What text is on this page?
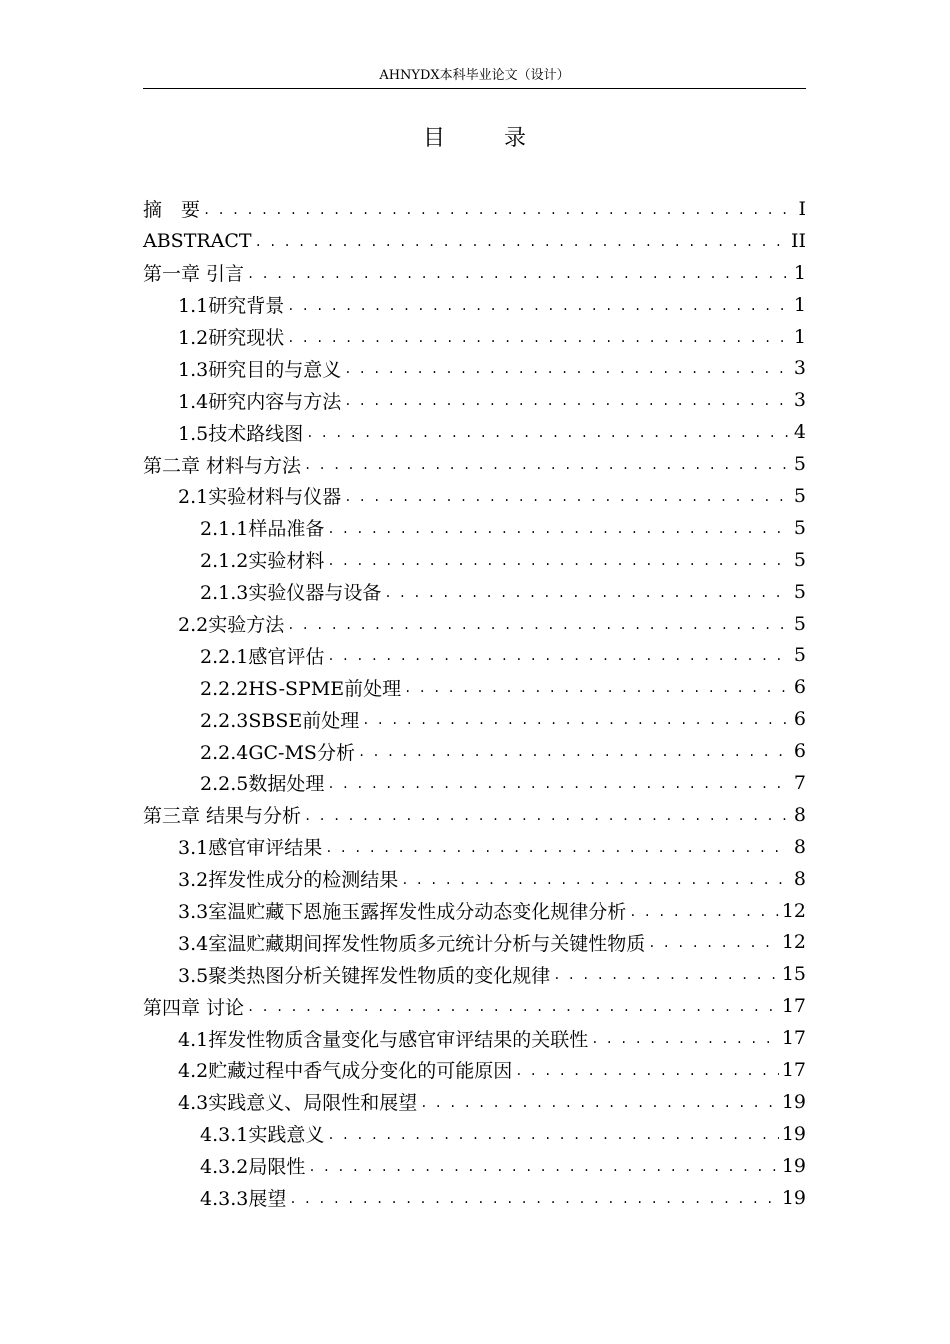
AHNYDX本科毕业论文（设计）
目 录
摘　要 . . .	I
ABSTRACT . . .	II
第一章 引言 . . .	1
1.1研究背景 . . .	1
1.2研究现状 . . .	1
1.3研究目的与意义 . . .	3
1.4研究内容与方法 . . .	3
1.5技术路线图 . . .	4
第二章 材料与方法 . . .	5
2.1实验材料与仪器 . . .	5
2.1.1样品准备 . . .	5
2.1.2实验材料 . . .	5
2.1.3实验仪器与设备 . . .	5
2.2实验方法 . . .	5
2.2.1感官评估 . . .	5
2.2.2HS-SPME前处理 . . .	6
2.2.3SBSE前处理 . . .	6
2.2.4GC-MS分析 . . .	6
2.2.5数据处理 . . .	7
第三章 结果与分析 . . .	8
3.1感官审评结果 . . .	8
3.2挥发性成分的检测结果 . . .	8
3.3室温贮藏下恩施玉露挥发性成分动态变化规律分析 . . .	12
3.4室温贮藏期间挥发性物质多元统计分析与关键性物质 . . .	12
3.5聚类热图分析关键挥发性物质的变化规律 . . .	15
第四章 讨论 . . .	17
4.1挥发性物质含量变化与感官审评结果的关联性 . . .	17
4.2贮藏过程中香气成分变化的可能原因 . . .	17
4.3实践意义、局限性和展望 . . .	19
4.3.1实践意义 . . .	19
4.3.2局限性 . . .	19
4.3.3展望 . . .	19
